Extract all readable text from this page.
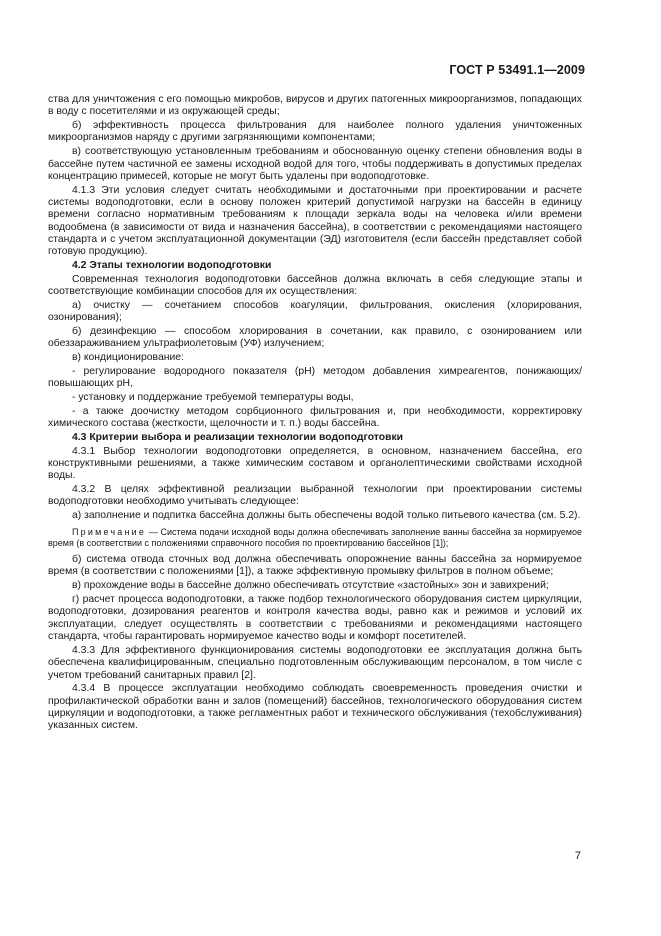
ГОСТ Р 53491.1—2009

ства для уничтожения с его помощью микробов, вирусов и других патогенных микроорганизмов, попадающих в воду с посетителями и из окружающей среды;

б) эффективность процесса фильтрования для наиболее полного удаления уничтоженных микроорганизмов наряду с другими загрязняющими компонентами;

в) соответствующую установленным требованиям и обоснованную оценку степени обновления воды в бассейне путем частичной ее замены исходной водой для того, чтобы поддерживать в допустимых пределах концентрацию примесей, которые не могут быть удалены при водоподготовке.

4.1.3 Эти условия следует считать необходимыми и достаточными при проектировании и расчете системы водоподготовки, если в основу положен критерий допустимой нагрузки на бассейн в единицу времени согласно нормативным требованиям к площади зеркала воды на человека и/или времени водообмена (в зависимости от вида и назначения бассейна), в соответствии с рекомендациями настоящего стандарта и с учетом эксплуатационной документации (ЭД) изготовителя (если бассейн представляет собой готовую продукцию).

4.2 Этапы технологии водоподготовки

Современная технология водоподготовки бассейнов должна включать в себя следующие этапы и соответствующие комбинации способов для их осуществления:

а) очистку — сочетанием способов коагуляции, фильтрования, окисления (хлорирования, озонирования);

б) дезинфекцию — способом хлорирования в сочетании, как правило, с озонированием или обеззараживанием ультрафиолетовым (УФ) излучением;

в) кондиционирование:

- регулирование водородного показателя (рН) методом добавления химреагентов, понижающих/повышающих рН,

- установку и поддержание требуемой температуры воды,

- а также доочистку методом сорбционного фильтрования и, при необходимости, корректировку химического состава (жесткости, щелочности и т. п.) воды бассейна.

4.3 Критерии выбора и реализации технологии водоподготовки

4.3.1 Выбор технологии водоподготовки определяется, в основном, назначением бассейна, его конструктивными решениями, а также химическим составом и органолептическими свойствами исходной воды.

4.3.2 В целях эффективной реализации выбранной технологии при проектировании системы водоподготовки необходимо учитывать следующее:

а) заполнение и подпитка бассейна должны быть обеспечены водой только питьевого качества (см. 5.2).

Примечание — Система подачи исходной воды должна обеспечивать заполнение ванны бассейна за нормируемое время (в соответствии с положениями справочного пособия по проектированию бассейнов [1]);

б) система отвода сточных вод должна обеспечивать опорожнение ванны бассейна за нормируемое время (в соответствии с положениями [1]), а также эффективную промывку фильтров в полном объеме;

в) прохождение воды в бассейне должно обеспечивать отсутствие «застойных» зон и завихрений;

г) расчет процесса водоподготовки, а также подбор технологического оборудования систем циркуляции, водоподготовки, дозирования реагентов и контроля качества воды, равно как и режимов и условий их эксплуатации, следует осуществлять в соответствии с требованиями и рекомендациями настоящего стандарта, чтобы гарантировать нормируемое качество воды и комфорт посетителей.

4.3.3 Для эффективного функционирования системы водоподготовки ее эксплуатация должна быть обеспечена квалифицированным, специально подготовленным обслуживающим персоналом, в том числе с учетом требований санитарных правил [2].

4.3.4 В процессе эксплуатации необходимо соблюдать своевременность проведения очистки и профилактической обработки ванн и залов (помещений) бассейнов, технологического оборудования систем циркуляции и водоподготовки, а также регламентных работ и технического обслуживания (техобслуживания) указанных систем.

7
